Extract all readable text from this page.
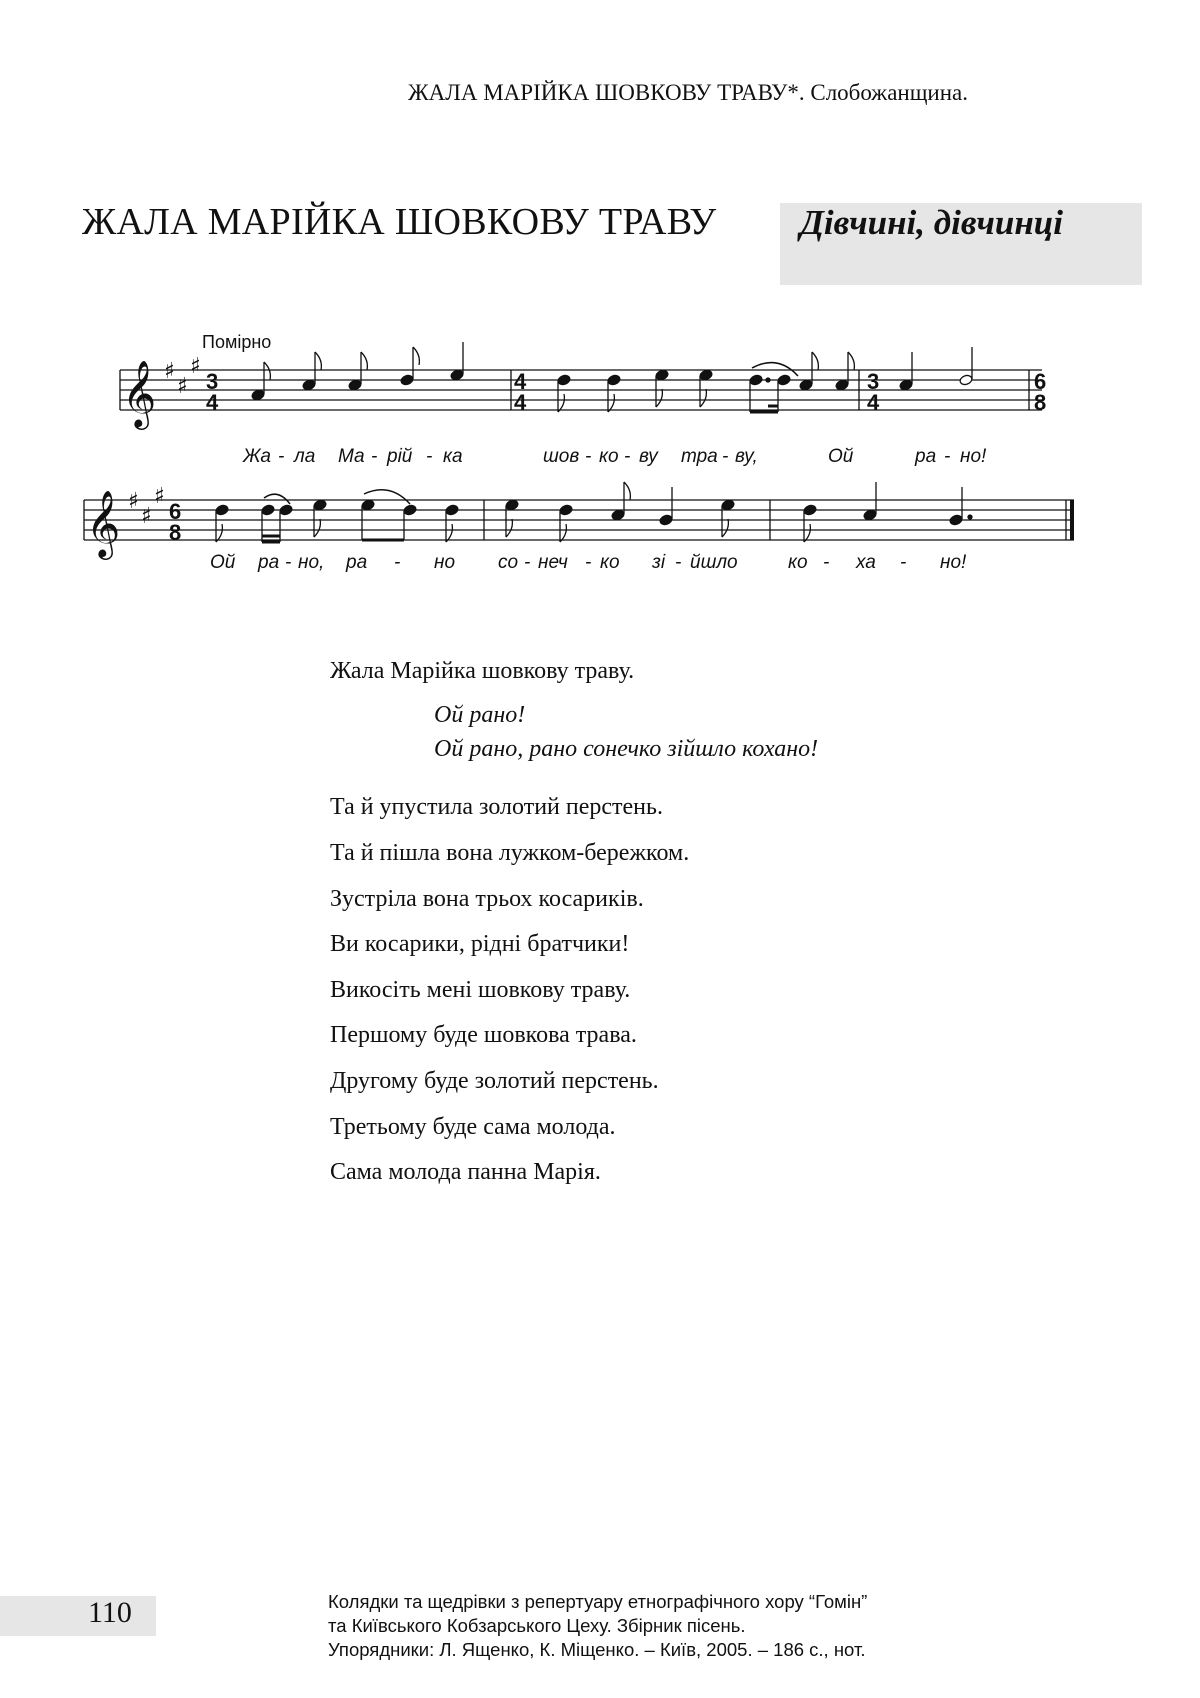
ЖАЛА МАРІЙКА ШОВКОВУ ТРАВУ*. Слобожанщина.
ЖАЛА МАРІЙКА ШОВКОВУ ТРАВУ Дівчині, дівчинці
Помірно
𝄞 ♯
♯
♯
3
4
4
4
3
4
6
8
Жа - ла Ма - рій - ка	шов - ко - ву тра - ву,	Ой	ра - но!
𝄞 ♯
♯
♯
6
8
Ой ра - но, ра - но со - неч - ко зі - йшло	ко - ха - но!
Жала Марійка шовкову траву.
Ой рано!
Ой рано, рано сонечко зійшло кохано!
Та й упустила золотий перстень.
Та й пішла вона лужком-бережком.
Зустріла вона трьох косариків.
Ви косарики, рідні братчики!
Викосіть мені шовкову траву.
Першому буде шовкова трава.
Другому буде золотий перстень.
Третьому буде сама молода.
Сама молода панна Марія.
110	Колядки та щедрівки з репертуару етнографічного хору “Гомін”
та Київського Кобзарського Цеху. Збірник пісень.
Упорядники: Л. Ященко, К. Міщенко. – Київ, 2005. – 186 с., нот.
